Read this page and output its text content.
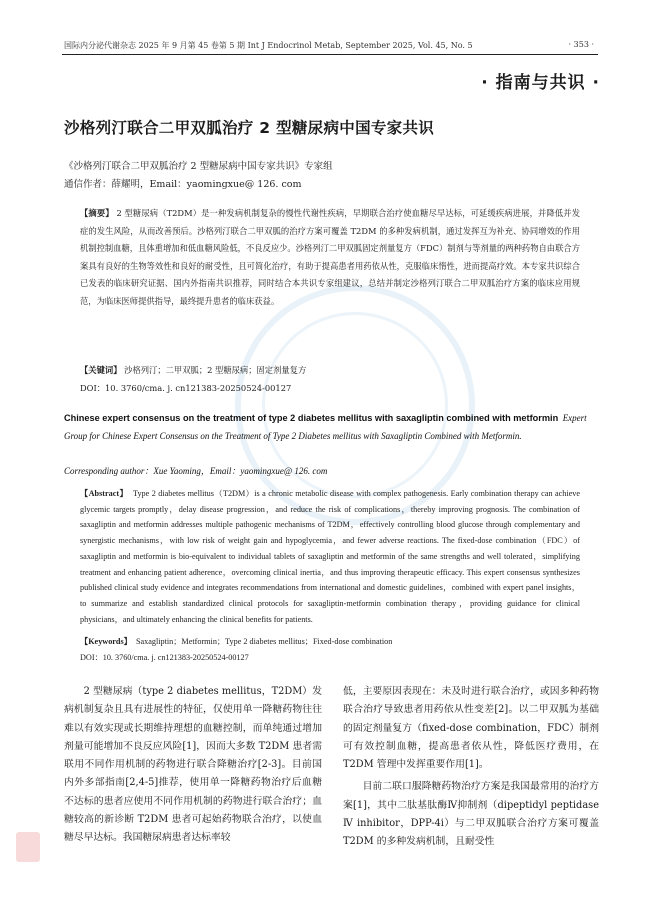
国际内分泌代谢杂志 2025 年 9 月第 45 卷第 5 期 Int J Endocrinol Metab, September 2025, Vol. 45, No. 5	· 353 ·
· 指南与共识 ·
沙格列汀联合二甲双胍治疗 2 型糖尿病中国专家共识
《沙格列汀联合二甲双胍治疗 2 型糖尿病中国专家共识》专家组
通信作者：薛耀明，Email：yaomingxue@ 126. com
【摘要】 2 型糖尿病（T2DM）是一种发病机制复杂的慢性代谢性疾病，早期联合治疗使血糖尽早达标，可延缓疾病进展，并降低并发症的发生风险，从而改善预后。沙格列汀联合二甲双胍的治疗方案可覆盖 T2DM 的多种发病机制，通过发挥互为补充、协同增效的作用机制控制血糖，且体重增加和低血糖风险低，不良反应少。沙格列汀二甲双胍固定剂量复方（FDC）制剂与等剂量的两种药物自由联合方案具有良好的生物等效性和良好的耐受性，且可简化治疗，有助于提高患者用药依从性，克服临床惰性，进而提高疗效。本专家共识综合已发表的临床研究证据、国内外指南共识推荐，同时结合本共识专家组建议，总结并制定沙格列汀联合二甲双胍治疗方案的临床应用规范，为临床医师提供指导，最终提升患者的临床获益。
【关键词】 沙格列汀；二甲双胍；2 型糖尿病；固定剂量复方
DOI：10. 3760/cma. j. cn121383-20250524-00127
Chinese expert consensus on the treatment of type 2 diabetes mellitus with saxagliptin combined with metformin Expert Group for Chinese Expert Consensus on the Treatment of Type 2 Diabetes mellitus with Saxagliptin Combined with Metformin.
Corresponding author：Xue Yaoming，Email：yaomingxue@ 126. com
【Abstract】 Type 2 diabetes mellitus（T2DM）is a chronic metabolic disease with complex pathogenesis. Early combination therapy can achieve glycemic targets promptly，delay disease progression，and reduce the risk of complications，thereby improving prognosis. The combination of saxagliptin and metformin addresses multiple pathogenic mechanisms of T2DM，effectively controlling blood glucose through complementary and synergistic mechanisms，with low risk of weight gain and hypoglycemia，and fewer adverse reactions. The fixed-dose combination（FDC）of saxagliptin and metformin is bio-equivalent to individual tablets of saxagliptin and metformin of the same strengths and well tolerated，simplifying treatment and enhancing patient adherence，overcoming clinical inertia，and thus improving therapeutic efficacy. This expert consensus synthesizes published clinical study evidence and integrates recommendations from international and domestic guidelines，combined with expert panel insights，to summarize and establish standardized clinical protocols for saxagliptin-metformin combination therapy，providing guidance for clinical physicians，and ultimately enhancing the clinical benefits for patients.
【Keywords】 Saxagliptin；Metformin；Type 2 diabetes mellitus；Fixed-dose combination
DOI：10. 3760/cma. j. cn121383-20250524-00127
2 型糖尿病（type 2 diabetes mellitus，T2DM）发病机制复杂且具有进展性的特征，仅使用单一降糖药物往往难以有效实现或长期维持理想的血糖控制，而单纯通过增加剂量可能增加不良反应风险[1]，因而大多数 T2DM 患者需联用不同作用机制的药物进行联合降糖治疗[2-3]。目前国内外多部指南[2,4-5]推荐，使用单一降糖药物治疗后血糖不达标的患者应使用不同作用机制的药物进行联合治疗；血糖较高的新诊断 T2DM 患者可起始药物联合治疗，以使血糖尽早达标。我国糖尿病患者达标率较
低，主要原因表现在：未及时进行联合治疗，或因多种药物联合治疗导致患者用药依从性变差[2]。以二甲双胍为基础的固定剂量复方（fixed-dose combination，FDC）制剂可有效控制血糖，提高患者依从性，降低医疗费用，在 T2DM 管理中发挥重要作用[1]。
目前二联口服降糖药物治疗方案是我国最常用的治疗方案[1]，其中二肽基肽酶Ⅳ抑制剂（dipeptidyl peptidase Ⅳ inhibitor，DPP-4i）与二甲双胍联合治疗方案可覆盖 T2DM 的多种发病机制，且耐受性
